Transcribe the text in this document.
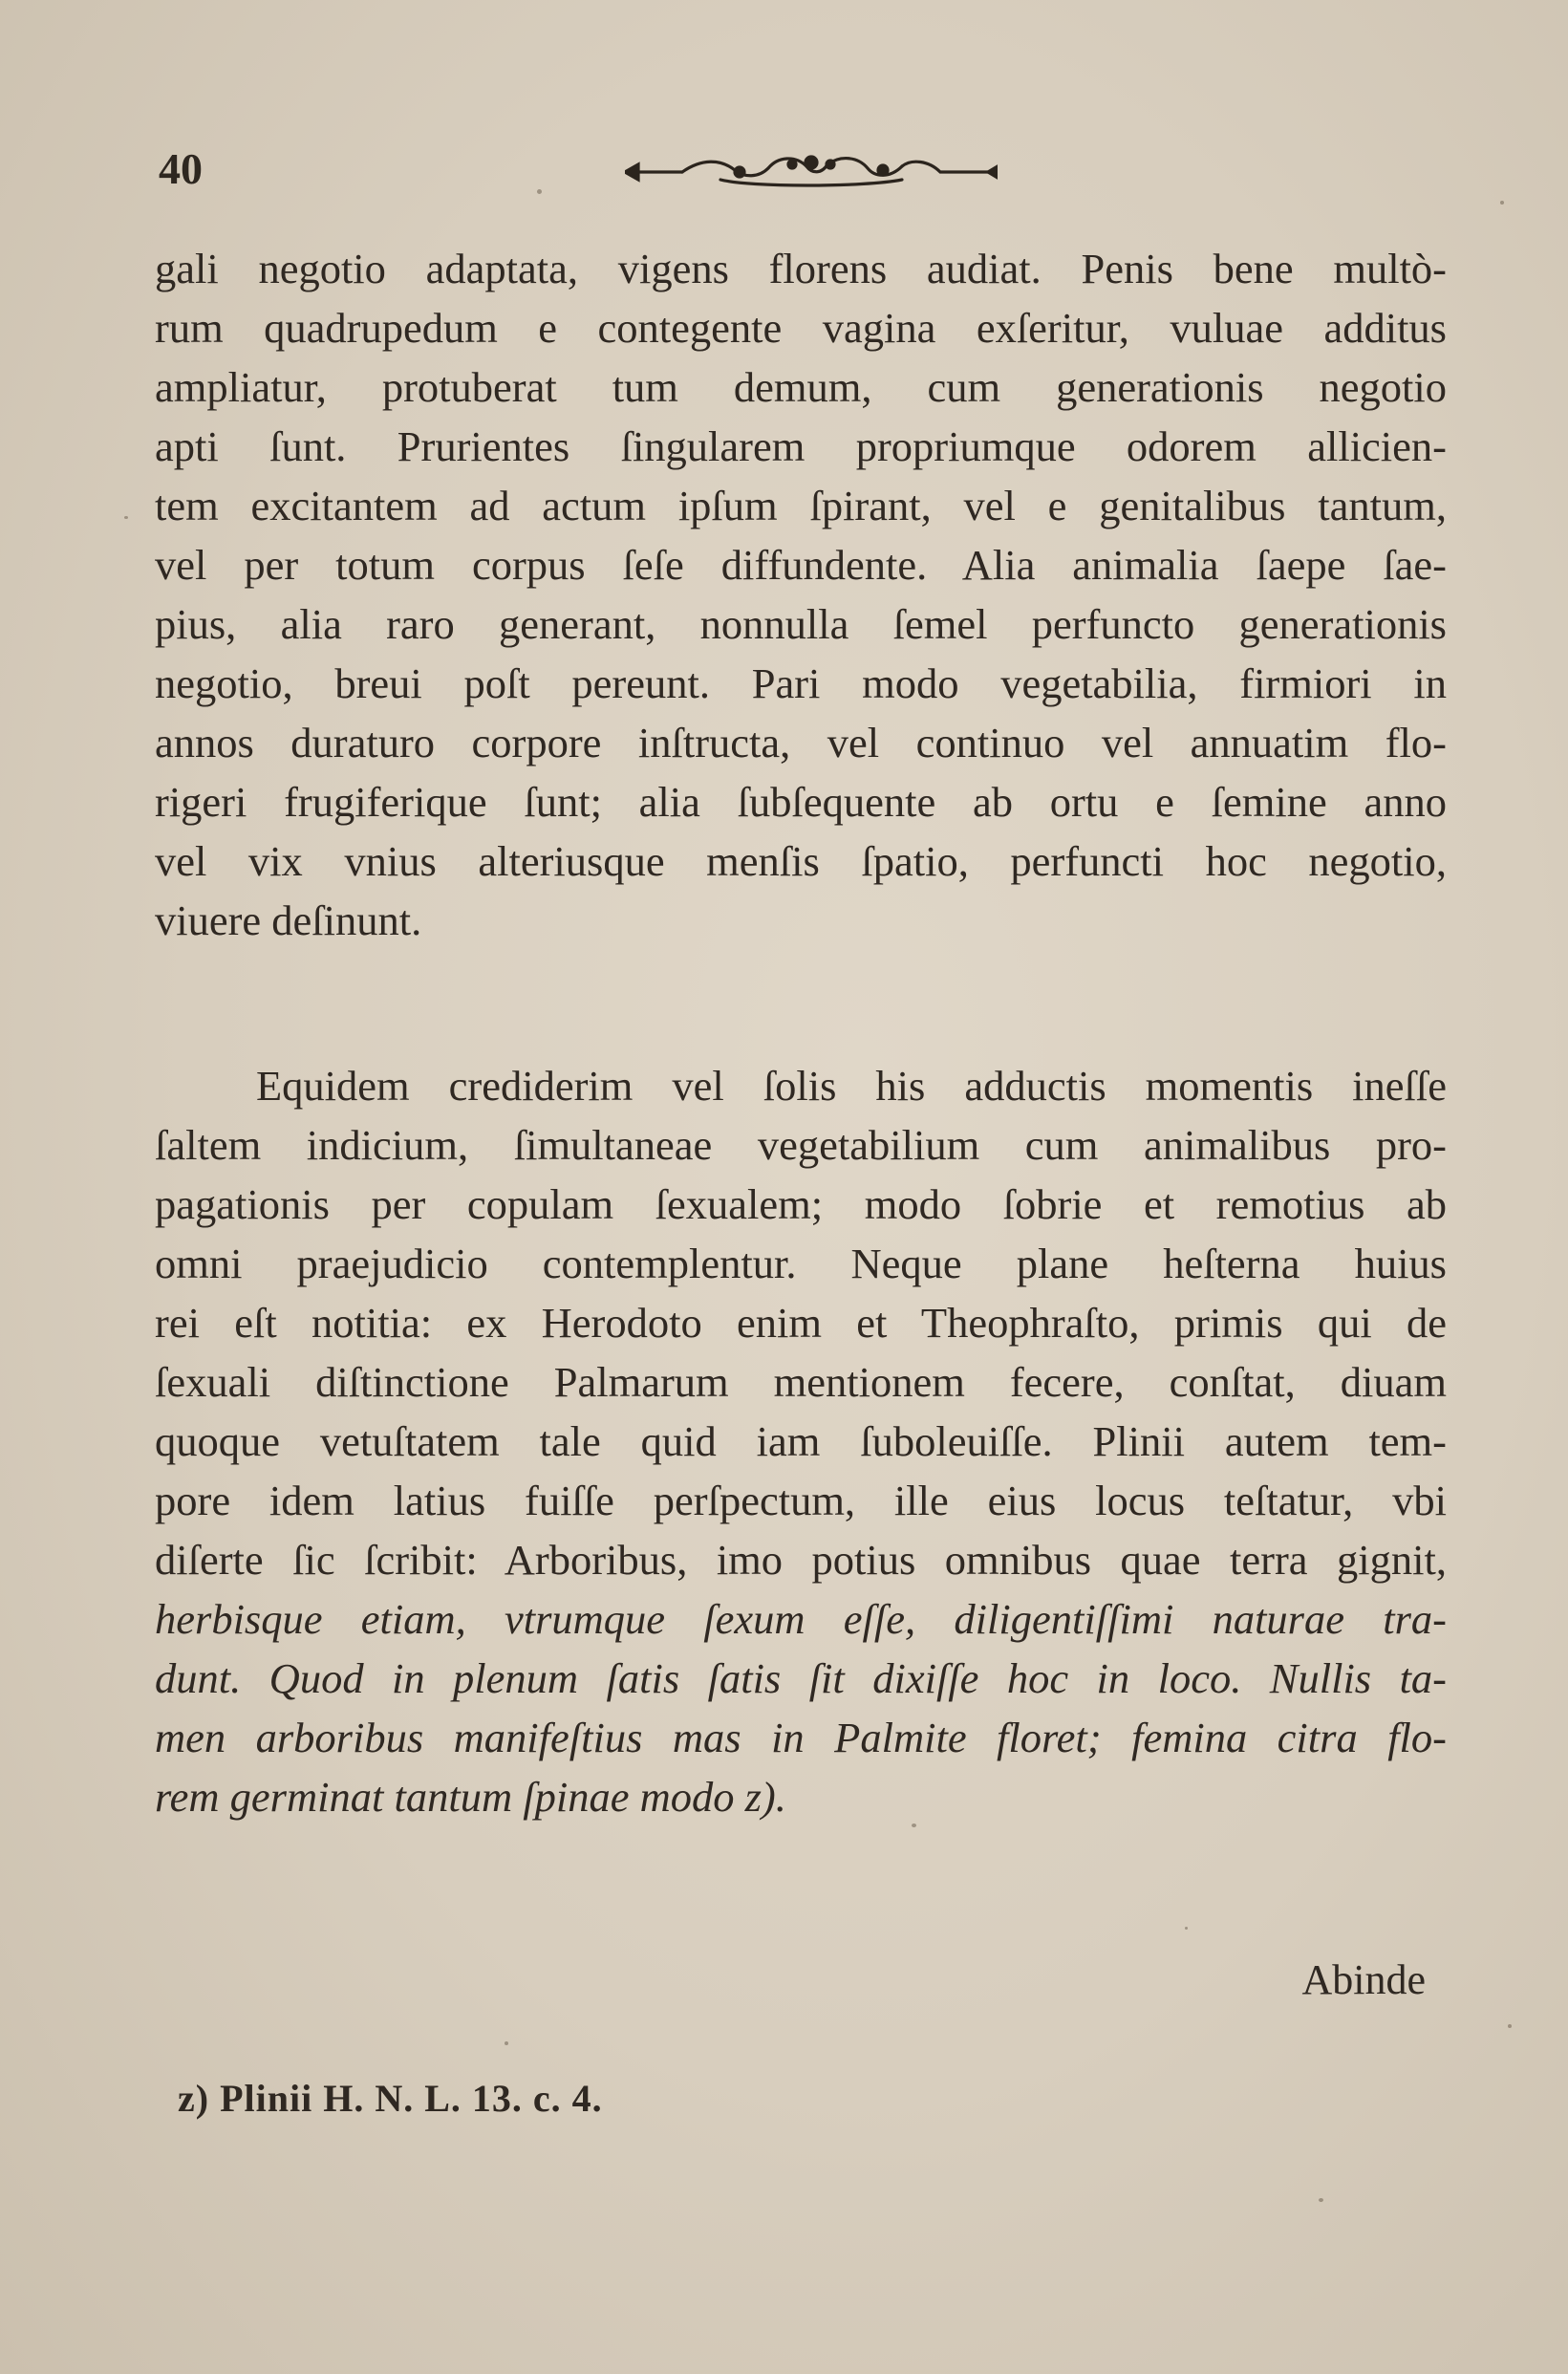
40
gali negotio adaptata, vigens florens audiat. Penis bene multò-
rum quadrupedum e contegente vagina exſeritur, vuluae additus
ampliatur, protuberat tum demum, cum generationis negotio
apti ſunt. Prurientes ſingularem propriumque odorem allicien-
tem excitantem ad actum ipſum ſpirant, vel e genitalibus tantum,
vel per totum corpus ſeſe diffundente. Alia animalia ſaepe ſae-
pius, alia raro generant, nonnulla ſemel perfuncto generationis
negotio, breui poſt pereunt. Pari modo vegetabilia, firmiori in
annos duraturo corpore inſtructa, vel continuo vel annuatim flo-
rigeri frugiferique ſunt; alia ſubſequente ab ortu e ſemine anno
vel vix vnius alteriusque menſis ſpatio, perfuncti hoc negotio,
viuere deſinunt.
Equidem crediderim vel ſolis his adductis momentis ineſſe
ſaltem indicium, ſimultaneae vegetabilium cum animalibus pro-
pagationis per copulam ſexualem; modo ſobrie et remotius ab
omni praejudicio contemplentur. Neque plane heſterna huius
rei eſt notitia: ex Herodoto enim et Theophraſto, primis qui de
ſexuali diſtinctione Palmarum mentionem fecere, conſtat, diuam
quoque vetuſtatem tale quid iam ſuboleuiſſe. Plinii autem tem-
pore idem latius fuiſſe perſpectum, ille eius locus teſtatur, vbi
diſerte ſic ſcribit: Arboribus, imo potius omnibus quae terra gignit,
herbisque etiam, vtrumque ſexum eſſe, diligentiſſimi naturae tra-
dunt. Quod in plenum ſatis ſatis ſit dixiſſe hoc in loco. Nullis ta-
men arboribus manifeſtius mas in Palmite floret; femina citra flo-
rem germinat tantum ſpinae modo z).
Abinde
z) Plinii H. N. L. 13. c. 4.
